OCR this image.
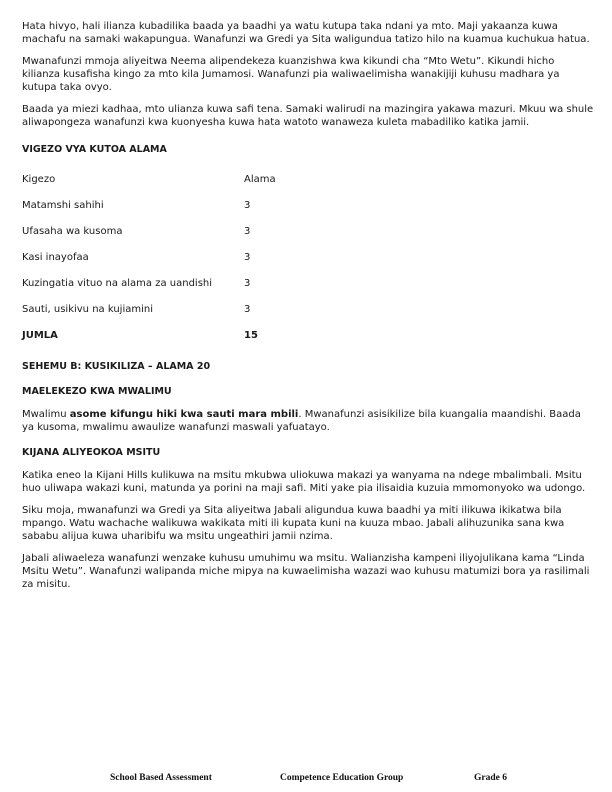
Hata hivyo, hali ilianza kubadilika baada ya baadhi ya watu kutupa taka ndani ya mto. Maji yakaanza kuwa machafu na samaki wakapungua. Wanafunzi wa Gredi ya Sita waligundua tatizo hilo na kuamua kuchukua hatua.

Mwanafunzi mmoja aliyeitwa Neema alipendekeza kuanzishwa kwa kikundi cha “Mto Wetu”. Kikundi hicho kilianza kusafisha kingo za mto kila Jumamosi. Wanafunzi pia waliwaelimisha wanakijiji kuhusu madhara ya kutupa taka ovyo.

Baada ya miezi kadhaa, mto ulianza kuwa safi tena. Samaki walirudi na mazingira yakawa mazuri. Mkuu wa shule aliwapongeza wanafunzi kwa kuonyesha kuwa hata watoto wanaweza kuleta mabadiliko katika jamii.

VIGEZO VYA KUTOA ALAMA
Kigezo	Alama
Matamshi sahihi	3
Ufasaha wa kusoma	3
Kasi inayofaa	3
Kuzingatia vituo na alama za uandishi	3
Sauti, usikivu na kujiamini	3
JUMLA	15
SEHEMU B: KUSIKILIZA – ALAMA 20
MAELEKEZO KWA MWALIMU

Mwalimu asome kifungu hiki kwa sauti mara mbili. Mwanafunzi asisikilize bila kuangalia maandishi. Baada ya kusoma, mwalimu awaulize wanafunzi maswali yafuatayo.

KIJANA ALIYEOKOA MSITU

Katika eneo la Kijani Hills kulikuwa na msitu mkubwa uliokuwa makazi ya wanyama na ndege mbalimbali. Msitu huo uliwapa wakazi kuni, matunda ya porini na maji safi. Miti yake pia ilisaidia kuzuia mmomonyoko wa udongo.

Siku moja, mwanafunzi wa Gredi ya Sita aliyeitwa Jabali aligundua kuwa baadhi ya miti ilikuwa ikikatwa bila mpango. Watu wachache walikuwa wakikata miti ili kupata kuni na kuuza mbao. Jabali alihuzunika sana kwa sababu alijua kuwa uharibifu wa msitu ungeathiri jamii nzima.

Jabali aliwaeleza wanafunzi wenzake kuhusu umuhimu wa msitu. Walianzisha kampeni iliyojulikana kama “Linda Msitu Wetu”. Wanafunzi walipanda miche mipya na kuwaelimisha wazazi wao kuhusu matumizi bora ya rasilimali za misitu.

School Based Assessment	Competence Education Group	Grade 6
